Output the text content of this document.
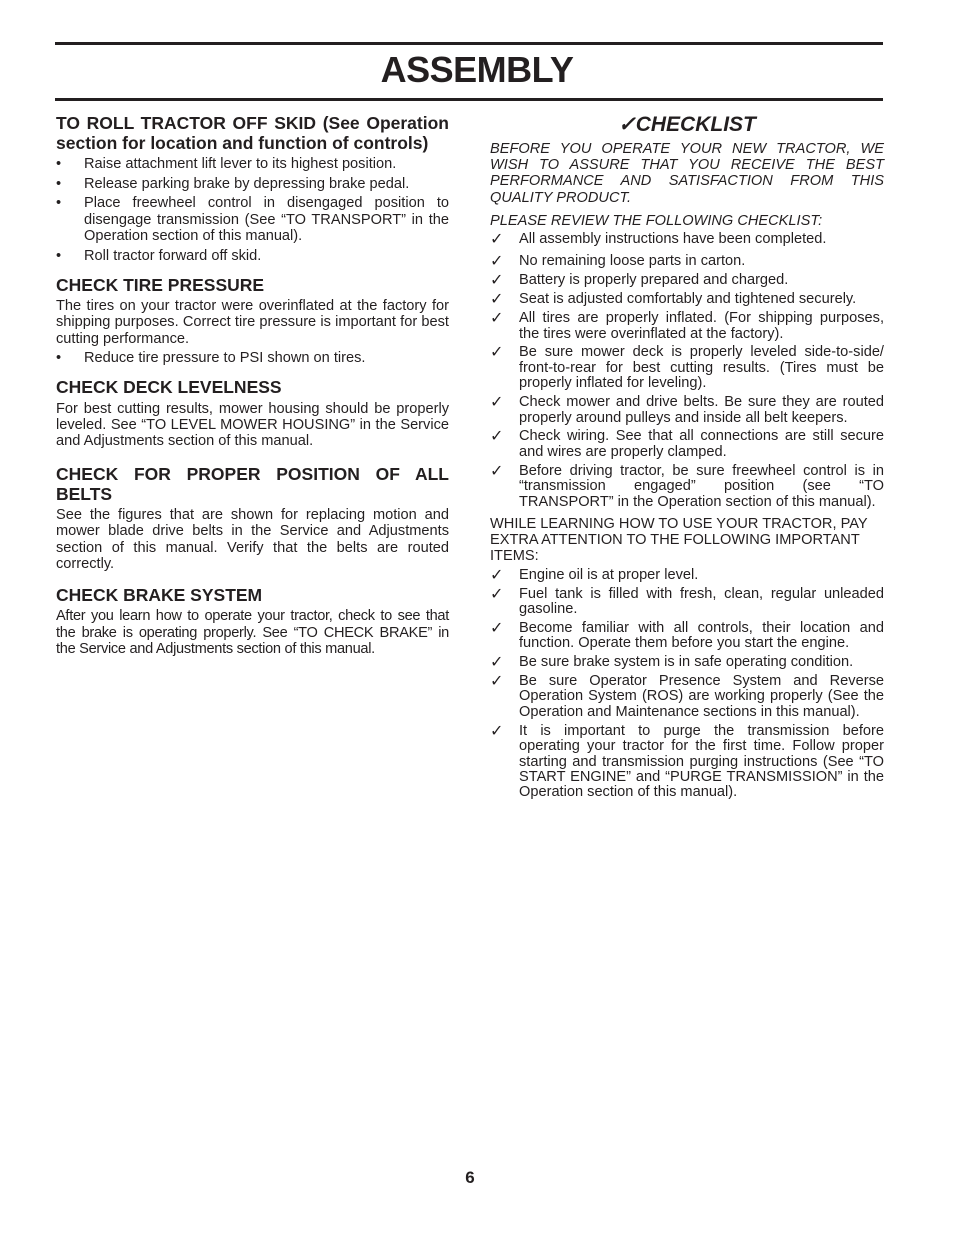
ASSEMBLY
TO ROLL TRACTOR OFF SKID (See Operation section for location and function of controls)
• Raise attachment lift lever to its highest position.
• Release parking brake by depressing brake pedal.
• Place freewheel control in disengaged position to disengage transmission (See “TO TRANSPORT” in the Operation section of this manual).
• Roll tractor forward off skid.
CHECK TIRE PRESSURE

The tires on your tractor were overinflated at the factory for shipping purposes. Correct tire pressure is important for best cutting performance.

• Reduce tire pressure to PSI shown on tires.
CHECK DECK LEVELNESS

For best cutting results, mower housing should be properly leveled. See “TO LEVEL MOWER HOUSING” in the Service and Adjustments section of this manual.

CHECK FOR PROPER POSITION OF ALL BELTS

See the figures that are shown for replacing motion and mower blade drive belts in the Service and Adjustments section of this manual. Verify that the belts are routed correctly.

CHECK BRAKE SYSTEM

After you learn how to operate your tractor, check to see that the brake is operating properly. See “TO CHECK BRAKE” in the Service and Adjustments section of this manual.

✓CHECKLIST

BEFORE YOU OPERATE YOUR NEW TRACTOR, WE WISH TO ASSURE THAT YOU RECEIVE THE BEST PERFORMANCE AND SATISFACTION FROM THIS QUALITY PRODUCT.

PLEASE REVIEW THE FOLLOWING CHECKLIST:

✓ All assembly instructions have been completed.
✓ No remaining loose parts in carton.
✓ Battery is properly prepared and charged.
✓ Seat is adjusted comfortably and tightened securely.
✓ All tires are properly inflated. (For shipping purposes, the tires were overinflated at the factory).
✓ Be sure mower deck is properly leveled side-to-side/ front-to-rear for best cutting results. (Tires must be properly inflated for leveling).
✓ Check mower and drive belts. Be sure they are routed properly around pulleys and inside all belt keepers.
✓ Check wiring. See that all connections are still secure and wires are properly clamped.
✓ Before driving tractor, be sure freewheel control is in “transmission engaged” position (see “TO TRANSPORT” in the Operation section of this manual).

WHILE LEARNING HOW TO USE YOUR TRACTOR, PAY EXTRA ATTENTION TO THE FOLLOWING IMPORTANT ITEMS:

✓ Engine oil is at proper level.
✓ Fuel tank is filled with fresh, clean, regular unleaded gasoline.
✓ Become familiar with all controls, their location and function. Operate them before you start the engine.
✓ Be sure brake system is in safe operating condition.
✓ Be sure Operator Presence System and Reverse Operation System (ROS) are working properly (See the Operation and Maintenance sections in this manual).
✓ It is important to purge the transmission before operating your tractor for the first time. Follow proper starting and transmission purging instructions (See “TO START ENGINE” and “PURGE TRANSMISSION” in the Operation section of this manual).
6
